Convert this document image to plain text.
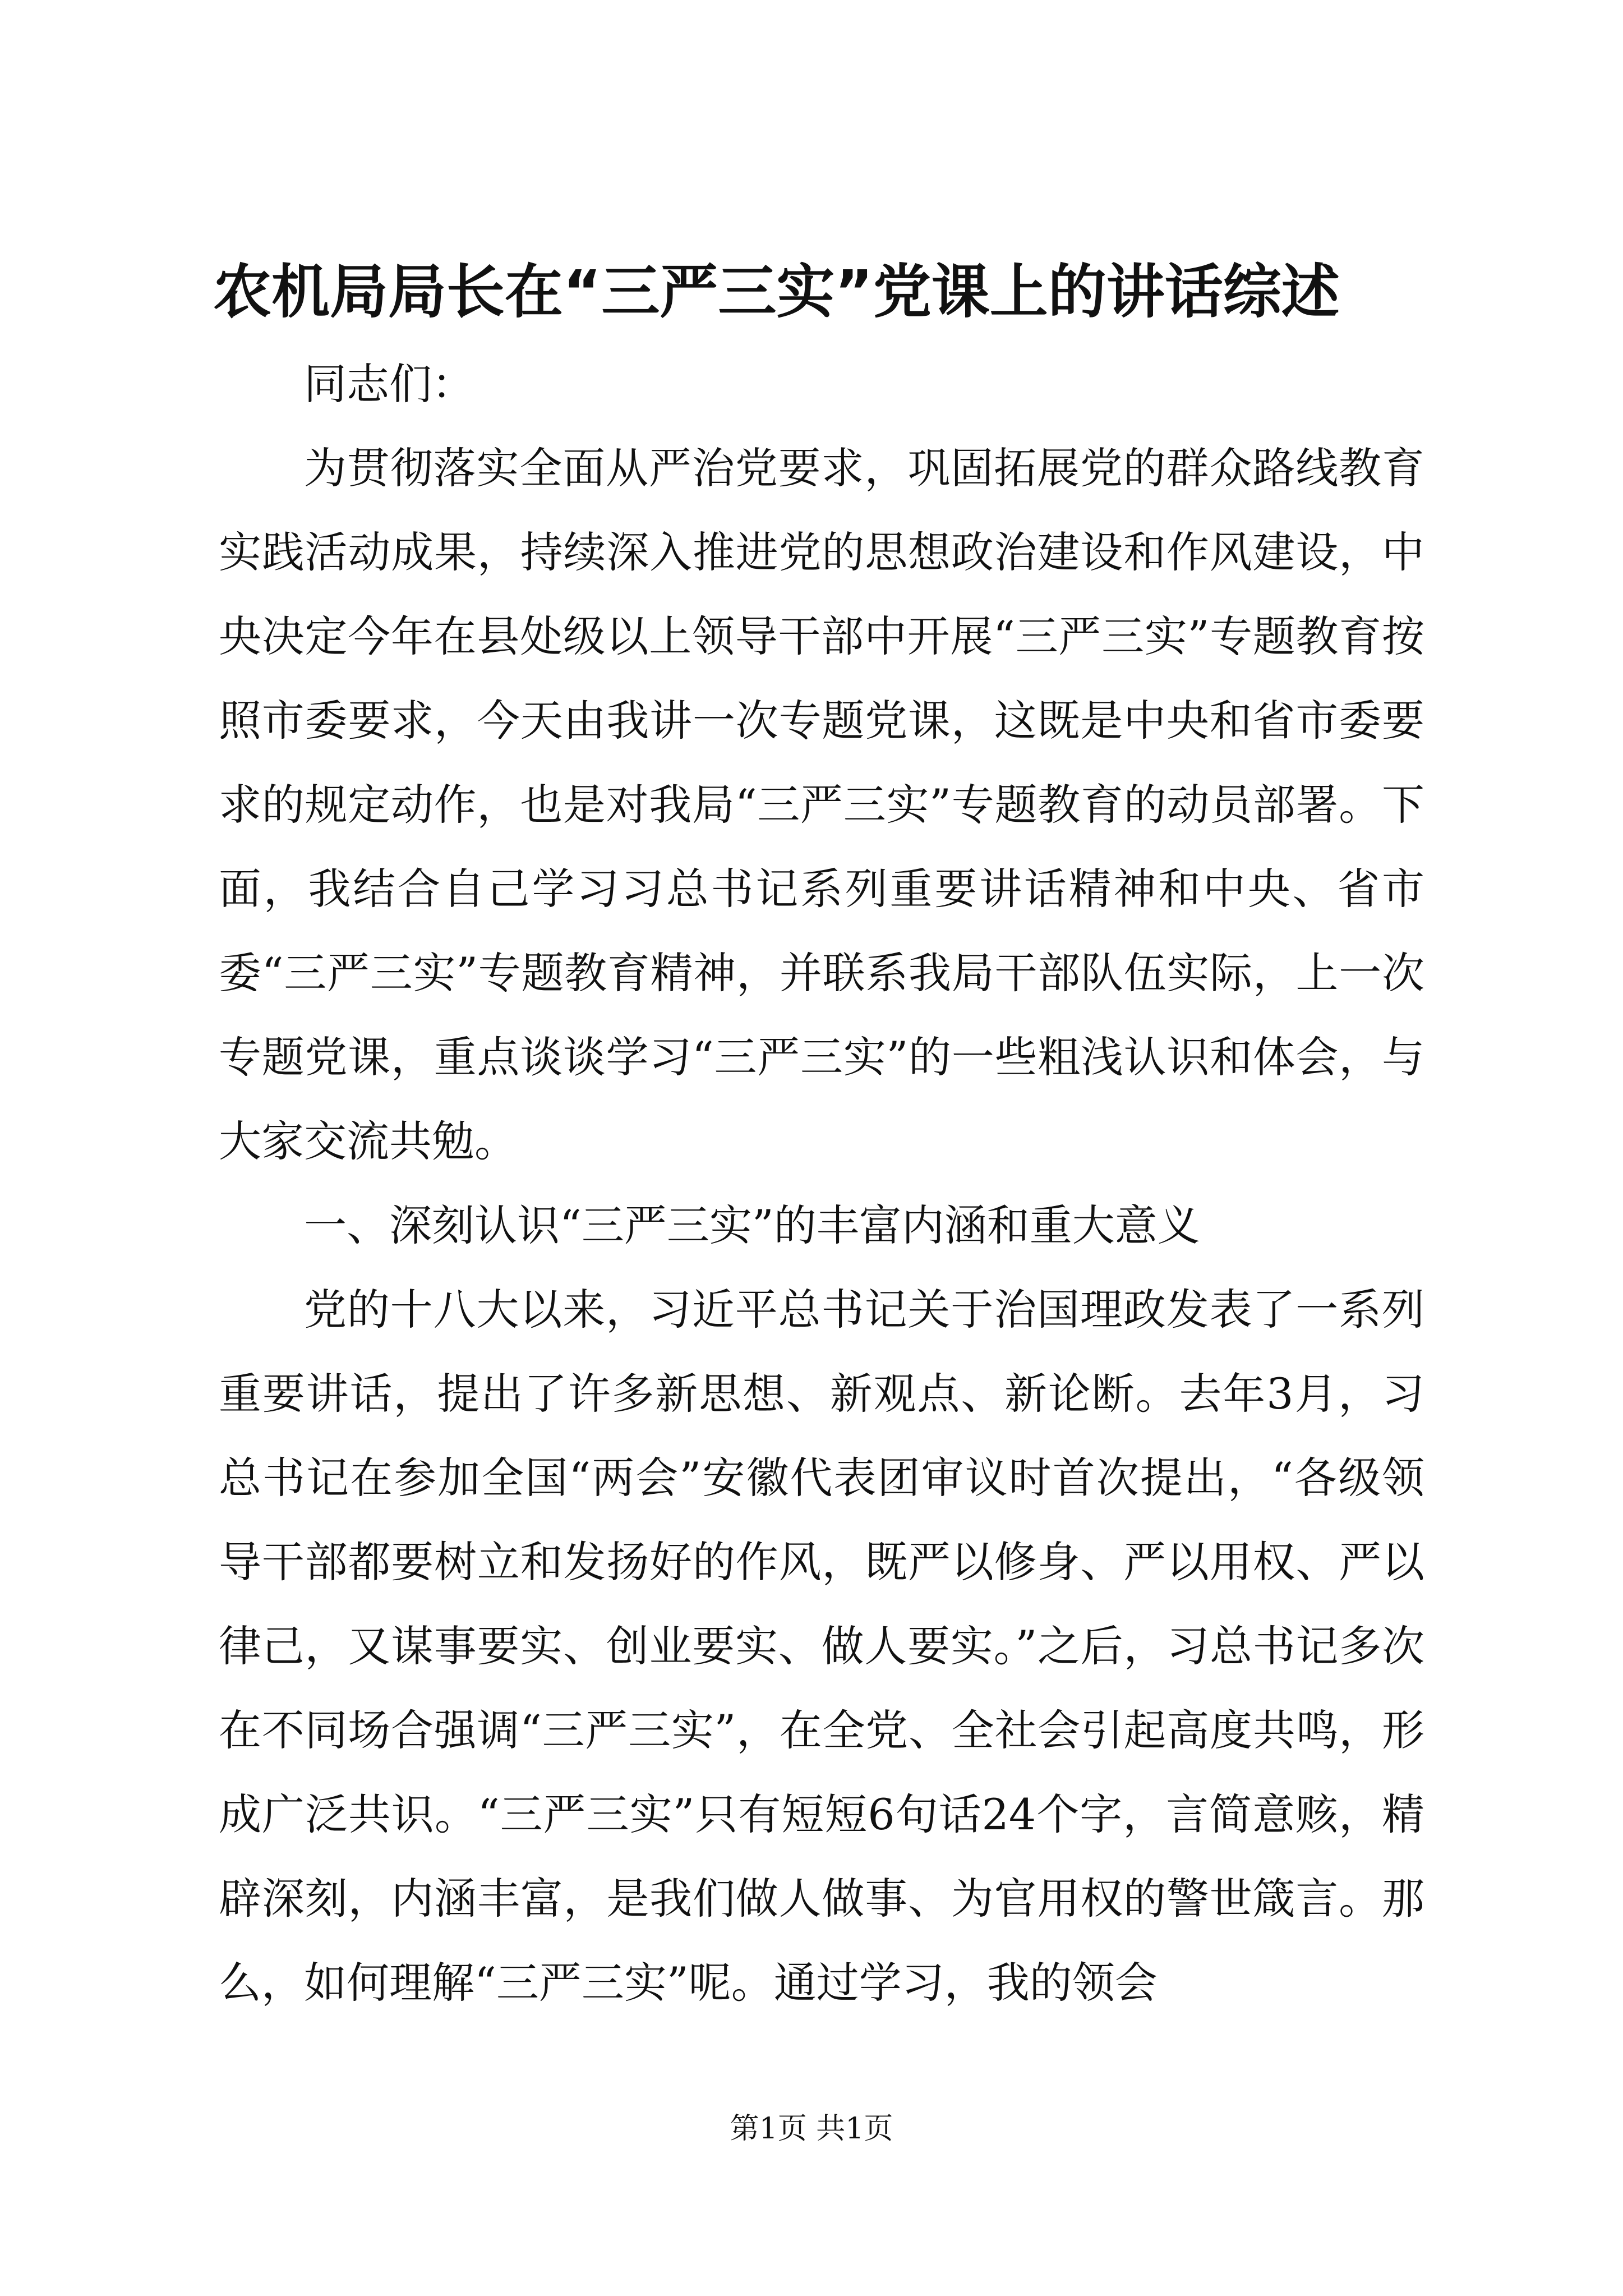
农机局局长在“三严三实”党课上的讲话综述

同志们：

为贯彻落实全面从严治党要求，巩固拓展党的群众路线教育实践活动成果，持续深入推进党的思想政治建设和作风建设，中央决定今年在县处级以上领导干部中开展“三严三实”专题教育按照市委要求，今天由我讲一次专题党课，这既是中央和省市委要求的规定动作，也是对我局“三严三实”专题教育的动员部署。下面，我结合自己学习习总书记系列重要讲话精神和中央、省市委“三严三实”专题教育精神，并联系我局干部队伍实际，上一次专题党课，重点谈谈学习“三严三实”的一些粗浅认识和体会，与大家交流共勉。

一、深刻认识“三严三实”的丰富内涵和重大意义

党的十八大以来，习近平总书记关于治国理政发表了一系列重要讲话，提出了许多新思想、新观点、新论断。去年3月，习总书记在参加全国“两会”安徽代表团审议时首次提出，“各级领导干部都要树立和发扬好的作风，既严以修身、严以用权、严以律己，又谋事要实、创业要实、做人要实。”之后，习总书记多次在不同场合强调“三严三实”，在全党、全社会引起高度共鸣，形成广泛共识。“三严三实”只有短短6句话24个字，言简意赅，精辟深刻，内涵丰富，是我们做人做事、为官用权的警世箴言。那么，如何理解“三严三实”呢。通过学习，我的领会

第1页 共1页
